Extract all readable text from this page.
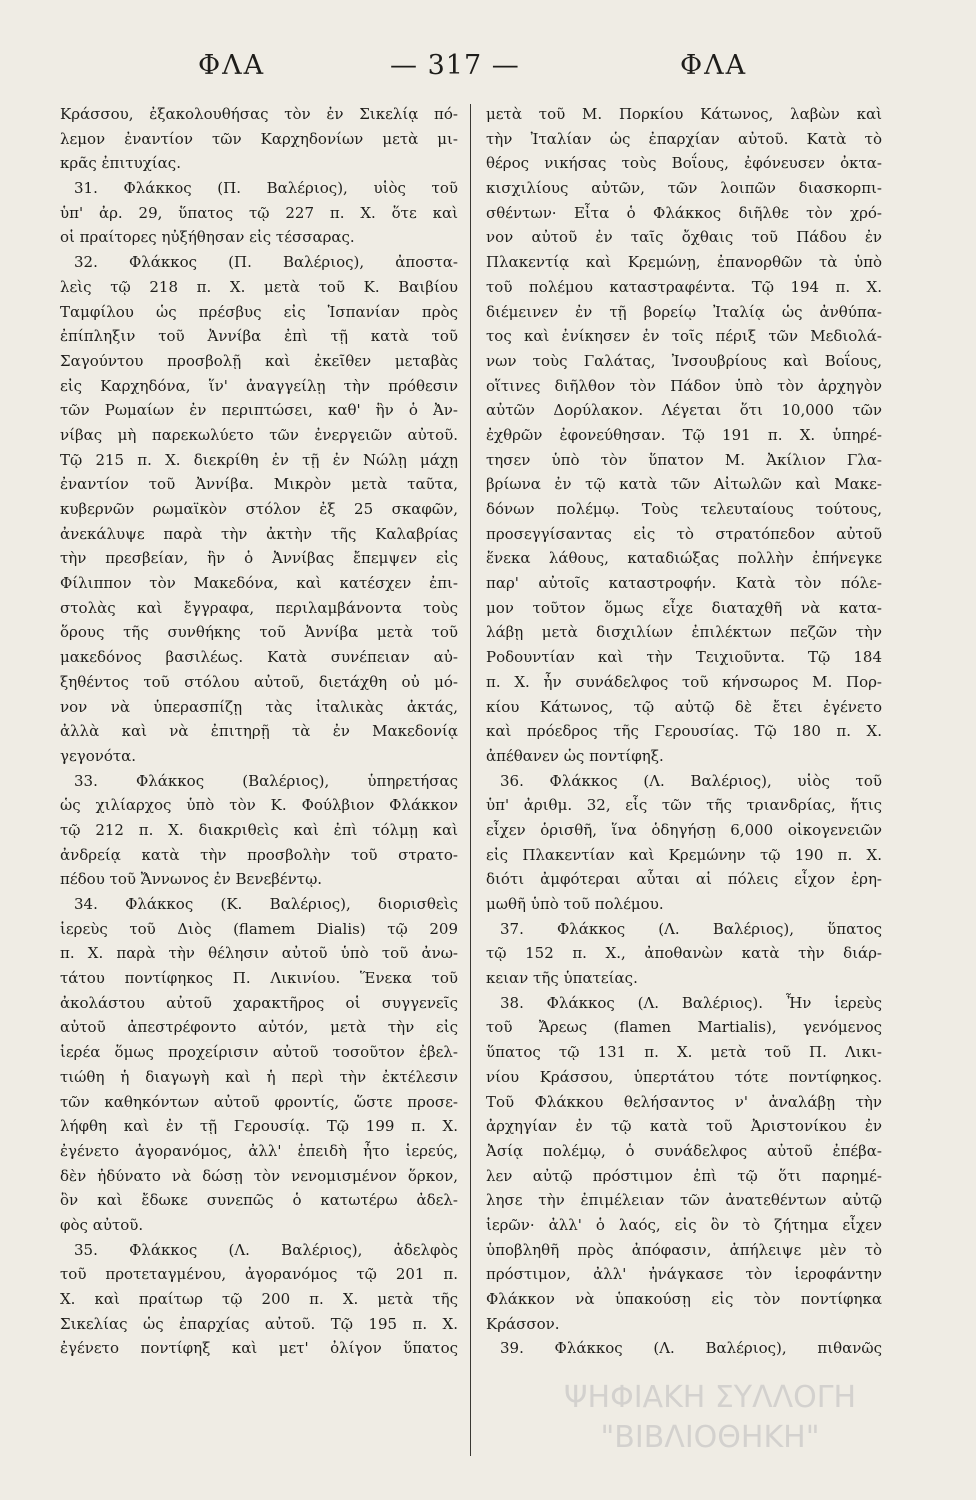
ΦΛΑ	— 317 —	ΦΛΑ
Κράσσου, ἐξακολουθήσας τὸν ἐν Σικελίᾳ πό-
λεμον ἐναντίον τῶν Καρχηδονίων μετὰ μι-
κρᾶς ἐπιτυχίας.
31. Φλάκκος (Π. Βαλέριος), υἱὸς τοῦ
ὑπ' ἀρ. 29, ὕπατος τῷ 227 π. Χ. ὅτε καὶ
οἱ πραίτορες ηὐξήθησαν εἰς τέσσαρας.
32. Φλάκκος (Π. Βαλέριος), ἀποστα-
λεὶς τῷ 218 π. Χ. μετὰ τοῦ Κ. Βαιβίου
Ταμφίλου ὡς πρέσβυς εἰς Ἱσπανίαν πρὸς
ἐπίπληξιν τοῦ Ἀννίβα ἐπὶ τῇ κατὰ τοῦ
Σαγούντου προσβολῇ καὶ ἐκεῖθεν μεταβὰς
εἰς Καρχηδόνα, ἵν' ἀναγγείλῃ τὴν πρόθεσιν
τῶν Ρωμαίων ἐν περιπτώσει, καθ' ἣν ὁ Ἀν-
νίβας μὴ παρεκωλύετο τῶν ἐνεργειῶν αὐτοῦ.
Τῷ 215 π. Χ. διεκρίθη ἐν τῇ ἐν Νώλῃ μάχῃ
ἐναντίον τοῦ Ἀννίβα. Μικρὸν μετὰ ταῦτα,
κυβερνῶν ρωμαϊκὸν στόλον ἐξ 25 σκαφῶν,
ἀνεκάλυψε παρὰ τὴν ἀκτὴν τῆς Καλαβρίας
τὴν πρεσβείαν, ἣν ὁ Ἀννίβας ἔπεμψεν εἰς
Φίλιππον τὸν Μακεδόνα, καὶ κατέσχεν ἐπι-
στολὰς καὶ ἔγγραφα, περιλαμβάνοντα τοὺς
ὅρους τῆς συνθήκης τοῦ Ἀννίβα μετὰ τοῦ
μακεδόνος βασιλέως. Κατὰ συνέπειαν αὐ-
ξηθέντος τοῦ στόλου αὐτοῦ, διετάχθη οὐ μό-
νον νὰ ὑπερασπίζῃ τὰς ἰταλικὰς ἀκτάς,
ἀλλὰ καὶ νὰ ἐπιτηρῇ τὰ ἐν Μακεδονίᾳ
γεγονότα.
33. Φλάκκος (Βαλέριος), ὑπηρετήσας
ὡς χιλίαρχος ὑπὸ τὸν Κ. Φούλβιον Φλάκκον
τῷ 212 π. Χ. διακριθεὶς καὶ ἐπὶ τόλμῃ καὶ
ἀνδρείᾳ κατὰ τὴν προσβολὴν τοῦ στρατο-
πέδου τοῦ Ἄννωνος ἐν Βενεβέντῳ.
34. Φλάκκος (Κ. Βαλέριος), διορισθεὶς
ἱερεὺς τοῦ Διὸς (flamem Dialis) τῷ 209
π. Χ. παρὰ τὴν θέλησιν αὐτοῦ ὑπὸ τοῦ ἀνω-
τάτου ποντίφηκος Π. Λικινίου. Ἕνεκα τοῦ
ἀκολάστου αὐτοῦ χαρακτῆρος οἱ συγγενεῖς
αὐτοῦ ἀπεστρέφοντο αὐτόν, μετὰ τὴν εἰς
ἱερέα ὅμως προχείρισιν αὐτοῦ τοσοῦτον ἐβελ-
τιώθη ἡ διαγωγὴ καὶ ἡ περὶ τὴν ἐκτέλεσιν
τῶν καθηκόντων αὐτοῦ φροντίς, ὥστε προσε-
λήφθη καὶ ἐν τῇ Γερουσίᾳ. Τῷ 199 π. Χ.
ἐγένετο ἀγορανόμος, ἀλλ' ἐπειδὴ ἦτο ἱερεύς,
δὲν ἠδύνατο νὰ δώσῃ τὸν νενομισμένον ὅρκον,
ὃν καὶ ἔδωκε συνεπῶς ὁ κατωτέρω ἀδελ-
φὸς αὐτοῦ.
35. Φλάκκος (Λ. Βαλέριος), ἀδελφὸς
τοῦ προτεταγμένου, ἀγορανόμος τῷ 201 π.
Χ. καὶ πραίτωρ τῷ 200 π. Χ. μετὰ τῆς
Σικελίας ὡς ἐπαρχίας αὐτοῦ. Τῷ 195 π. Χ.
ἐγένετο ποντίφηξ καὶ μετ' ὀλίγον ὕπατος
μετὰ τοῦ Μ. Πορκίου Κάτωνος, λαβὼν καὶ
τὴν Ἰταλίαν ὡς ἐπαρχίαν αὐτοῦ. Κατὰ τὸ
θέρος νικήσας τοὺς Βοΐους, ἐφόνευσεν ὀκτα-
κισχιλίους αὐτῶν, τῶν λοιπῶν διασκορπι-
σθέντων· Εἶτα ὁ Φλάκκος διῆλθε τὸν χρό-
νον αὐτοῦ ἐν ταῖς ὄχθαις τοῦ Πάδου ἐν
Πλακεντίᾳ καὶ Κρεμώνῃ, ἐπανορθῶν τὰ ὑπὸ
τοῦ πολέμου καταστραφέντα. Τῷ 194 π. Χ.
διέμεινεν ἐν τῇ βορείῳ Ἰταλίᾳ ὡς ἀνθύπα-
τος καὶ ἐνίκησεν ἐν τοῖς πέριξ τῶν Μεδιολά-
νων τοὺς Γαλάτας, Ἰνσουβρίους καὶ Βοΐους,
οἵτινες διῆλθον τὸν Πάδον ὑπὸ τὸν ἀρχηγὸν
αὐτῶν Δορύλακον. Λέγεται ὅτι 10,000 τῶν
ἐχθρῶν ἐφονεύθησαν. Τῷ 191 π. Χ. ὑπηρέ-
τησεν ὑπὸ τὸν ὕπατον Μ. Ἀκίλιον Γλα-
βρίωνα ἐν τῷ κατὰ τῶν Αἰτωλῶν καὶ Μακε-
δόνων πολέμῳ. Τοὺς τελευταίους τούτους,
προσεγγίσαντας εἰς τὸ στρατόπεδον αὐτοῦ
ἕνεκα λάθους, καταδιώξας πολλὴν ἐπήνεγκε
παρ' αὐτοῖς καταστροφήν. Κατὰ τὸν πόλε-
μον τοῦτον ὅμως εἶχε διαταχθῆ νὰ κατα-
λάβῃ μετὰ δισχιλίων ἐπιλέκτων πεζῶν τὴν
Ροδουντίαν καὶ τὴν Τειχιοῦντα. Τῷ 184
π. Χ. ἦν συνάδελφος τοῦ κήνσωρος Μ. Πορ-
κίου Κάτωνος, τῷ αὐτῷ δὲ ἔτει ἐγένετο
καὶ πρόεδρος τῆς Γερουσίας. Τῷ 180 π. Χ.
ἀπέθανεν ὡς ποντίφηξ.
36. Φλάκκος (Λ. Βαλέριος), υἱὸς τοῦ
ὑπ' ἀριθμ. 32, εἷς τῶν τῆς τριανδρίας, ἥτις
εἶχεν ὁρισθῆ, ἵνα ὁδηγήσῃ 6,000 οἰκογενειῶν
εἰς Πλακεντίαν καὶ Κρεμώνην τῷ 190 π. Χ.
διότι ἀμφότεραι αὗται αἱ πόλεις εἶχον ἐρη-
μωθῆ ὑπὸ τοῦ πολέμου.
37. Φλάκκος (Λ. Βαλέριος), ὕπατος
τῷ 152 π. Χ., ἀποθανὼν κατὰ τὴν διάρ-
κειαν τῆς ὑπατείας.
38. Φλάκκος (Λ. Βαλέριος). Ἦν ἱερεὺς
τοῦ Ἄρεως (flamen Martialis), γενόμενος
ὕπατος τῷ 131 π. Χ. μετὰ τοῦ Π. Λικι-
νίου Κράσσου, ὑπερτάτου τότε ποντίφηκος.
Τοῦ Φλάκκου θελήσαντος ν' ἀναλάβῃ τὴν
ἀρχηγίαν ἐν τῷ κατὰ τοῦ Ἀριστονίκου ἐν
Ἀσίᾳ πολέμῳ, ὁ συνάδελφος αὐτοῦ ἐπέβα-
λεν αὐτῷ πρόστιμον ἐπὶ τῷ ὅτι παρημέ-
λησε τὴν ἐπιμέλειαν τῶν ἀνατεθέντων αὐτῷ
ἱερῶν· ἀλλ' ὁ λαός, εἰς ὃν τὸ ζήτημα εἶχεν
ὑποβληθῆ πρὸς ἀπόφασιν, ἀπήλειψε μὲν τὸ
πρόστιμον, ἀλλ' ἠνάγκασε τὸν ἱεροφάντην
Φλάκκον νὰ ὑπακούσῃ εἰς τὸν ποντίφηκα
Κράσσον.
39. Φλάκκος (Λ. Βαλέριος), πιθανῶς
ΨΗΦΙΑΚΗ ΣΥΛΛΟΓΗ
"ΒΙΒΛΙΟΘΗΚΗ"
